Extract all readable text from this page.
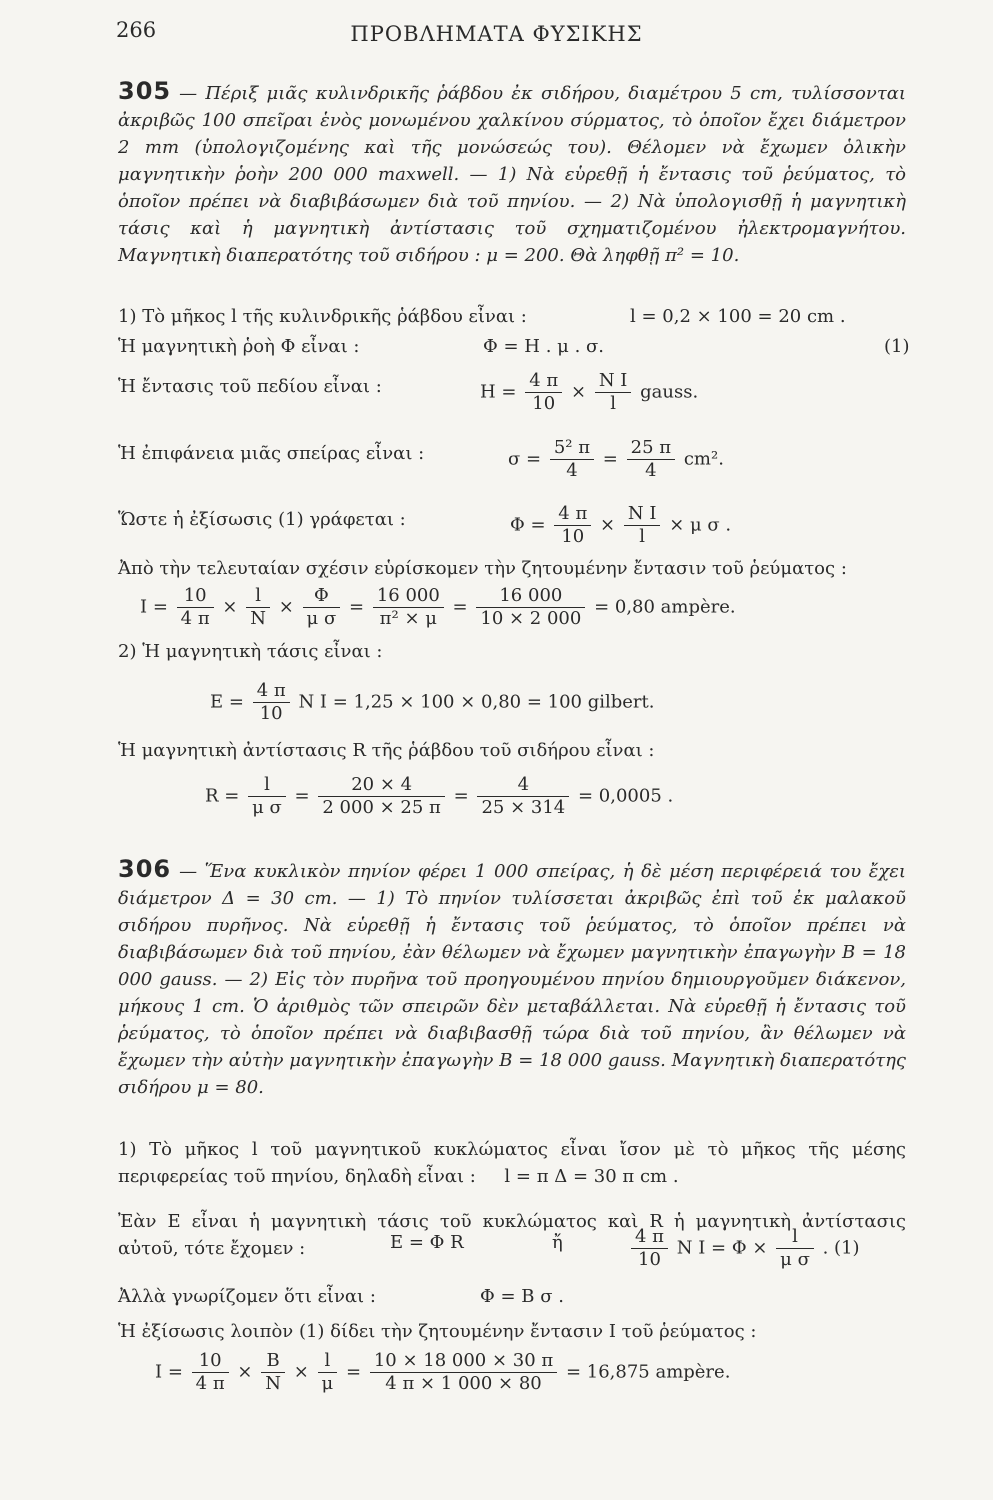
266	ΠΡΟΒΛΗΜΑΤΑ ΦΥΣΙΚΗΣ
305 — Πέριξ μιᾶς κυλινδρικῆς ῥάβδου ἐκ σιδήρου, διαμέτρου 5 cm, τυλίσσονται ἀκριβῶς 100 σπεῖραι ἑνὸς μονωμένου χαλκίνου σύρματος, τὸ ὁποῖον ἔχει διάμετρον 2 mm (ὑπολογιζομένης καὶ τῆς μονώσεώς του). Θέλομεν νὰ ἔχωμεν ὁλικὴν μαγνητικὴν ῥοὴν 200 000 maxwell. — 1) Νὰ εὑρεθῇ ἡ ἔντασις τοῦ ῥεύματος, τὸ ὁποῖον πρέπει νὰ διαβιβάσωμεν διὰ τοῦ πηνίου. — 2) Νὰ ὑπολογισθῇ ἡ μαγνητικὴ τάσις καὶ ἡ μαγνητικὴ ἀντίστασις τοῦ σχηματιζομένου ἠλεκτρομαγνήτου. Μαγνητικὴ διαπερατότης τοῦ σιδήρου : μ = 200. Θὰ ληφθῇ π² = 10.
1) Τὸ μῆκος l τῆς κυλινδρικῆς ῥάβδου εἶναι :	l = 0,2 × 100 = 20 cm .
Ἡ μαγνητικὴ ῥοὴ Φ εἶναι :	Φ = H . μ . σ.	(1)
Ἡ ἔντασις τοῦ πεδίου εἶναι :	$H = \frac{4 \pi}{10} \times \frac{\text{N I}}{l}$ gauss.
Ἡ ἐπιφάνεια μιᾶς σπείρας εἶναι :	$\sigma = \frac{\text{5² π}}{4} = \frac{25 \pi}{4} cm^2$.
Ὥστε ἡ ἐξίσωσις (1) γράφεται :	$\Phi = \frac{4 \pi}{10} \times \frac{\text{N I}}{l} \times \mu$ σ .
Ἀπὸ τὴν τελευταίαν σχέσιν εὑρίσκομεν τὴν ζητουμένην ἔντασιν τοῦ ῥεύματος :
$I = \frac{10}{4 \pi} \times \frac{l}{N} \times \frac{\Phi}{\text{μ σ}} = \frac{16 000}{\text{π² × μ}} = \frac{16 000}{10 \times 2 000} = 0,80$ ampère.
2) Ἡ μαγνητικὴ τάσις εἶναι :
$E = \frac{4 \pi}{10}$ N I = 1,25 × 100 × 0,80 = 100 gilbert.
Ἡ μαγνητικὴ ἀντίστασις R τῆς ῥάβδου τοῦ σιδήρου εἶναι :
$R = \frac{l}{\text{μ σ}} = \frac{20 \times 4}{2 000 \times 25 \pi} = \frac{4}{25 \times 314} = 0,0005$ .
306 — Ἕνα κυκλικὸν πηνίον φέρει 1 000 σπείρας, ἡ δὲ μέση περιφέρειά του ἔχει διάμετρον Δ = 30 cm. — 1) Τὸ πηνίον τυλίσσεται ἀκριβῶς ἐπὶ τοῦ ἐκ μαλακοῦ σιδήρου πυρῆνος. Νὰ εὑρεθῇ ἡ ἔντασις τοῦ ῥεύματος, τὸ ὁποῖον πρέπει νὰ διαβιβάσωμεν διὰ τοῦ πηνίου, ἐὰν θέλωμεν νὰ ἔχωμεν μαγνητικὴν ἐπαγωγὴν B = 18 000 gauss. — 2) Εἰς τὸν πυρῆνα τοῦ προηγουμένου πηνίου δημιουργοῦμεν διάκενον, μήκους 1 cm. Ὁ ἀριθμὸς τῶν σπειρῶν δὲν μεταβάλλεται. Νὰ εὑρεθῇ ἡ ἔντασις τοῦ ῥεύματος, τὸ ὁποῖον πρέπει νὰ διαβιβασθῇ τώρα διὰ τοῦ πηνίου, ἂν θέλωμεν νὰ ἔχωμεν τὴν αὐτὴν μαγνητικὴν ἐπαγωγὴν B = 18 000 gauss. Μαγνητικὴ διαπερατότης σιδήρου μ = 80.
1) Τὸ μῆκος l τοῦ μαγνητικοῦ κυκλώματος εἶναι ἴσον μὲ τὸ μῆκος τῆς μέσης περιφερείας τοῦ πηνίου, δηλαδὴ εἶναι : l = π Δ = 30 π cm .
Ἐὰν E εἶναι ἡ μαγνητικὴ τάσις τοῦ κυκλώματος καὶ R ἡ μαγνητικὴ ἀντίστασις αὐτοῦ, τότε ἔχομεν :	E = Φ R	ἤ	$\frac{4 \pi}{10}$ N $I = \Phi \times \frac{l}{\text{μ σ}}$ . (1)
Ἀλλὰ γνωρίζομεν ὅτι εἶναι :	Φ = B σ .
Ἡ ἐξίσωσις λοιπὸν (1) δίδει τὴν ζητουμένην ἔντασιν I τοῦ ῥεύματος :
$I = \frac{10}{4 \pi} \times \frac{B}{N} \times \frac{l}{\mu} = \frac{10 \times 18 000 \times 30 \pi}{4 \pi \times 1 000 \times 80} = 16,875$ ampère.
